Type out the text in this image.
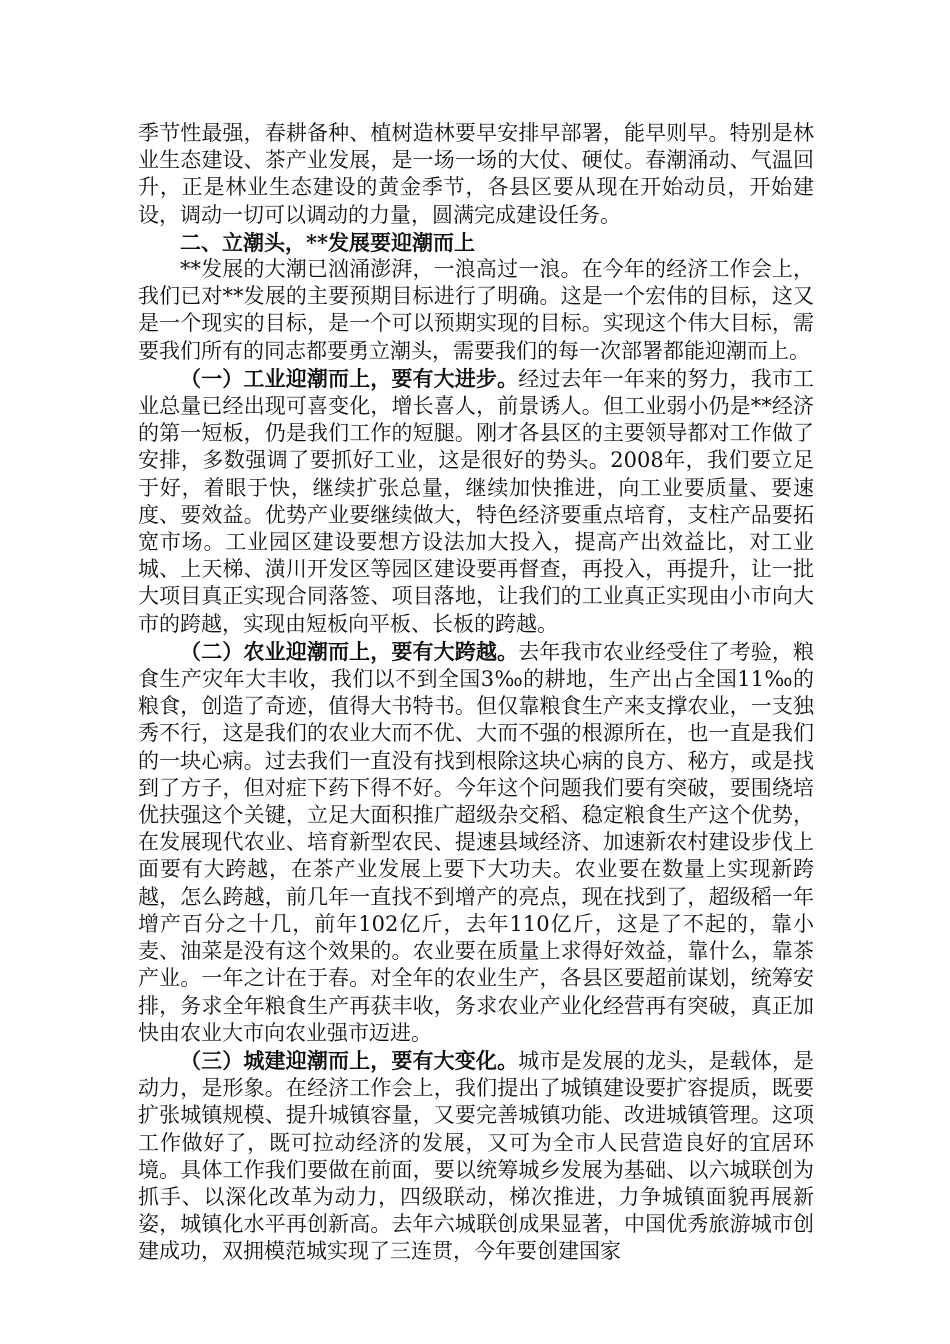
季节性最强，春耕备种、植树造林要早安排早部署，能早则早。特别是林业生态建设、茶产业发展，是一场一场的大仗、硬仗。春潮涌动、气温回升，正是林业生态建设的黄金季节，各县区要从现在开始动员，开始建设，调动一切可以调动的力量，圆满完成建设任务。

二、立潮头，**发展要迎潮而上

**发展的大潮已汹涌澎湃，一浪高过一浪。在今年的经济工作会上，我们已对**发展的主要预期目标进行了明确。这是一个宏伟的目标，这又是一个现实的目标，是一个可以预期实现的目标。实现这个伟大目标，需要我们所有的同志都要勇立潮头，需要我们的每一次部署都能迎潮而上。

（一）工业迎潮而上，要有大进步。经过去年一年来的努力，我市工业总量已经出现可喜变化，增长喜人，前景诱人。但工业弱小仍是**经济的第一短板，仍是我们工作的短腿。刚才各县区的主要领导都对工作做了安排，多数强调了要抓好工业，这是很好的势头。2008年，我们要立足于好，着眼于快，继续扩张总量，继续加快推进，向工业要质量、要速度、要效益。优势产业要继续做大，特色经济要重点培育，支柱产品要拓宽市场。工业园区建设要想方设法加大投入，提高产出效益比，对工业城、上天梯、潢川开发区等园区建设要再督查，再投入，再提升，让一批大项目真正实现合同落签、项目落地，让我们的工业真正实现由小市向大市的跨越，实现由短板向平板、长板的跨越。

（二）农业迎潮而上，要有大跨越。去年我市农业经受住了考验，粮食生产灾年大丰收，我们以不到全国3‰的耕地，生产出占全国11‰的粮食，创造了奇迹，值得大书特书。但仅靠粮食生产来支撑农业，一支独秀不行，这是我们的农业大而不优、大而不强的根源所在，也一直是我们的一块心病。过去我们一直没有找到根除这块心病的良方、秘方，或是找到了方子，但对症下药下得不好。今年这个问题我们要有突破，要围绕培优扶强这个关键，立足大面积推广超级杂交稻、稳定粮食生产这个优势，在发展现代农业、培育新型农民、提速县域经济、加速新农村建设步伐上面要有大跨越，在茶产业发展上要下大功夫。农业要在数量上实现新跨越，怎么跨越，前几年一直找不到增产的亮点，现在找到了，超级稻一年增产百分之十几，前年102亿斤，去年110亿斤，这是了不起的，靠小麦、油菜是没有这个效果的。农业要在质量上求得好效益，靠什么，靠茶产业。一年之计在于春。对全年的农业生产，各县区要超前谋划，统筹安排，务求全年粮食生产再获丰收，务求农业产业化经营再有突破，真正加快由农业大市向农业强市迈进。

（三）城建迎潮而上，要有大变化。城市是发展的龙头，是载体，是动力，是形象。在经济工作会上，我们提出了城镇建设要扩容提质，既要扩张城镇规模、提升城镇容量，又要完善城镇功能、改进城镇管理。这项工作做好了，既可拉动经济的发展，又可为全市人民营造良好的宜居环境。具体工作我们要做在前面，要以统筹城乡发展为基础、以六城联创为抓手、以深化改革为动力，四级联动，梯次推进，力争城镇面貌再展新姿，城镇化水平再创新高。去年六城联创成果显著，中国优秀旅游城市创建成功，双拥模范城实现了三连贯，今年要创建国家
